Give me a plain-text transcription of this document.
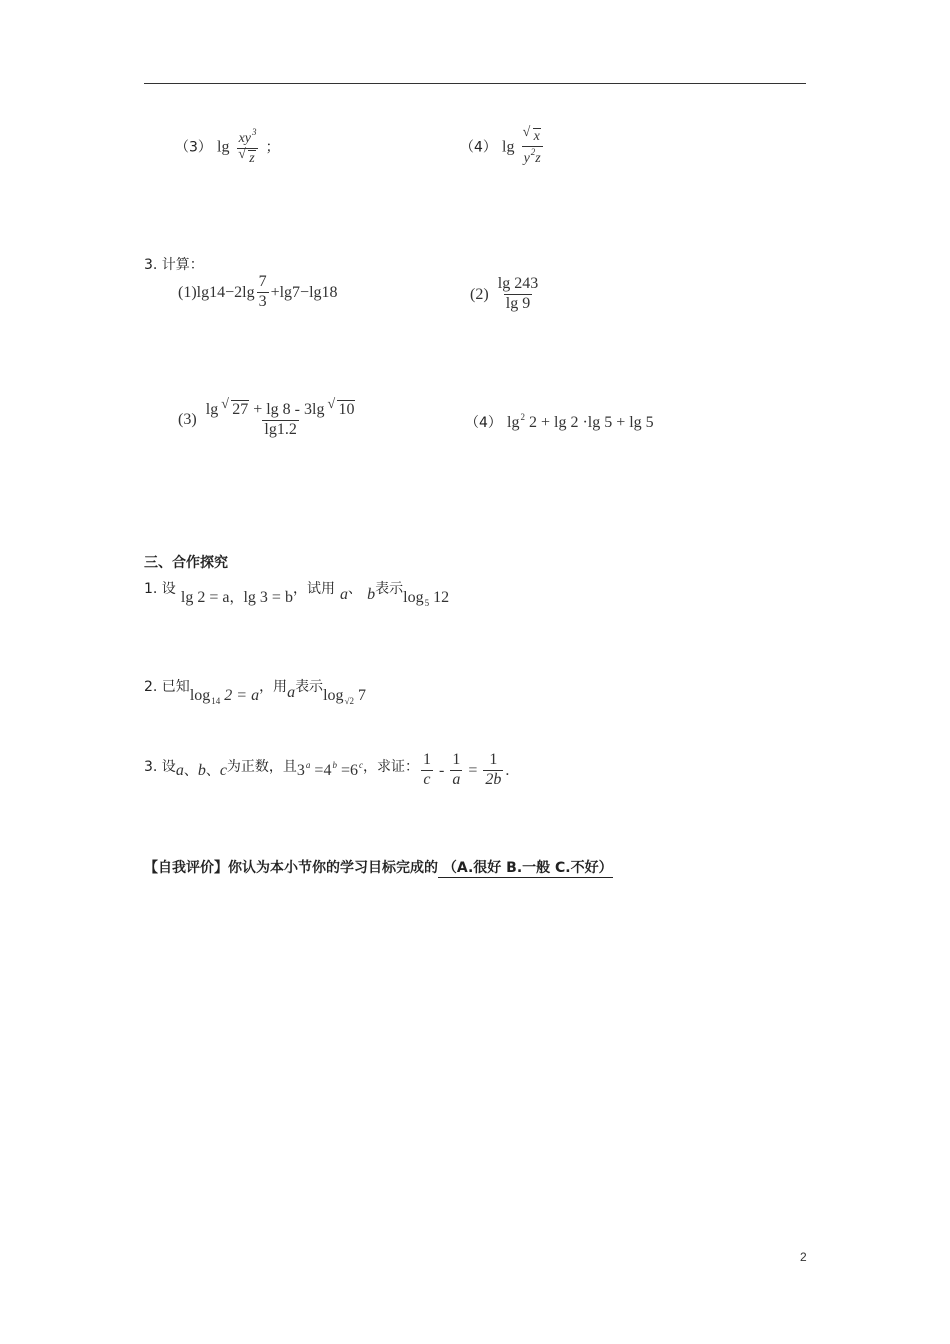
（3） $\lg xy^3$
√ z ；	（4） lg √ $\frac{x}{y^2z}$
3. 计算：
$(1)\lg 14-2\lg \frac{7}{3} +\lg 7-\lg 18$	$(2) \frac{\lg 243}{\lg 9}$
$(3) \frac{\lg √ 27 + \lg 8 - 3\lg √ 10}{\lg 1.2}$	（4） $\lg^2 2 + \lg 2 \cdot\lg$ 5 + lg 5
三、合作探究
1. 设 lg 2 = a，lg 3 = b，试用 a、 b表示$\log_5 12$
2. 已知$\log_{14} 2 = a$，用a表示$\log_{√2} 7$
3. 设a、b、c为正数，且$3^a =4^b =6^c$，求证： $\frac{1}{c} - \frac{1}{a} = \frac{1}{2b}$ .
【自我评价】你认为本小节你的学习目标完成的 （A.很好 B.一般 C.不好）
2
